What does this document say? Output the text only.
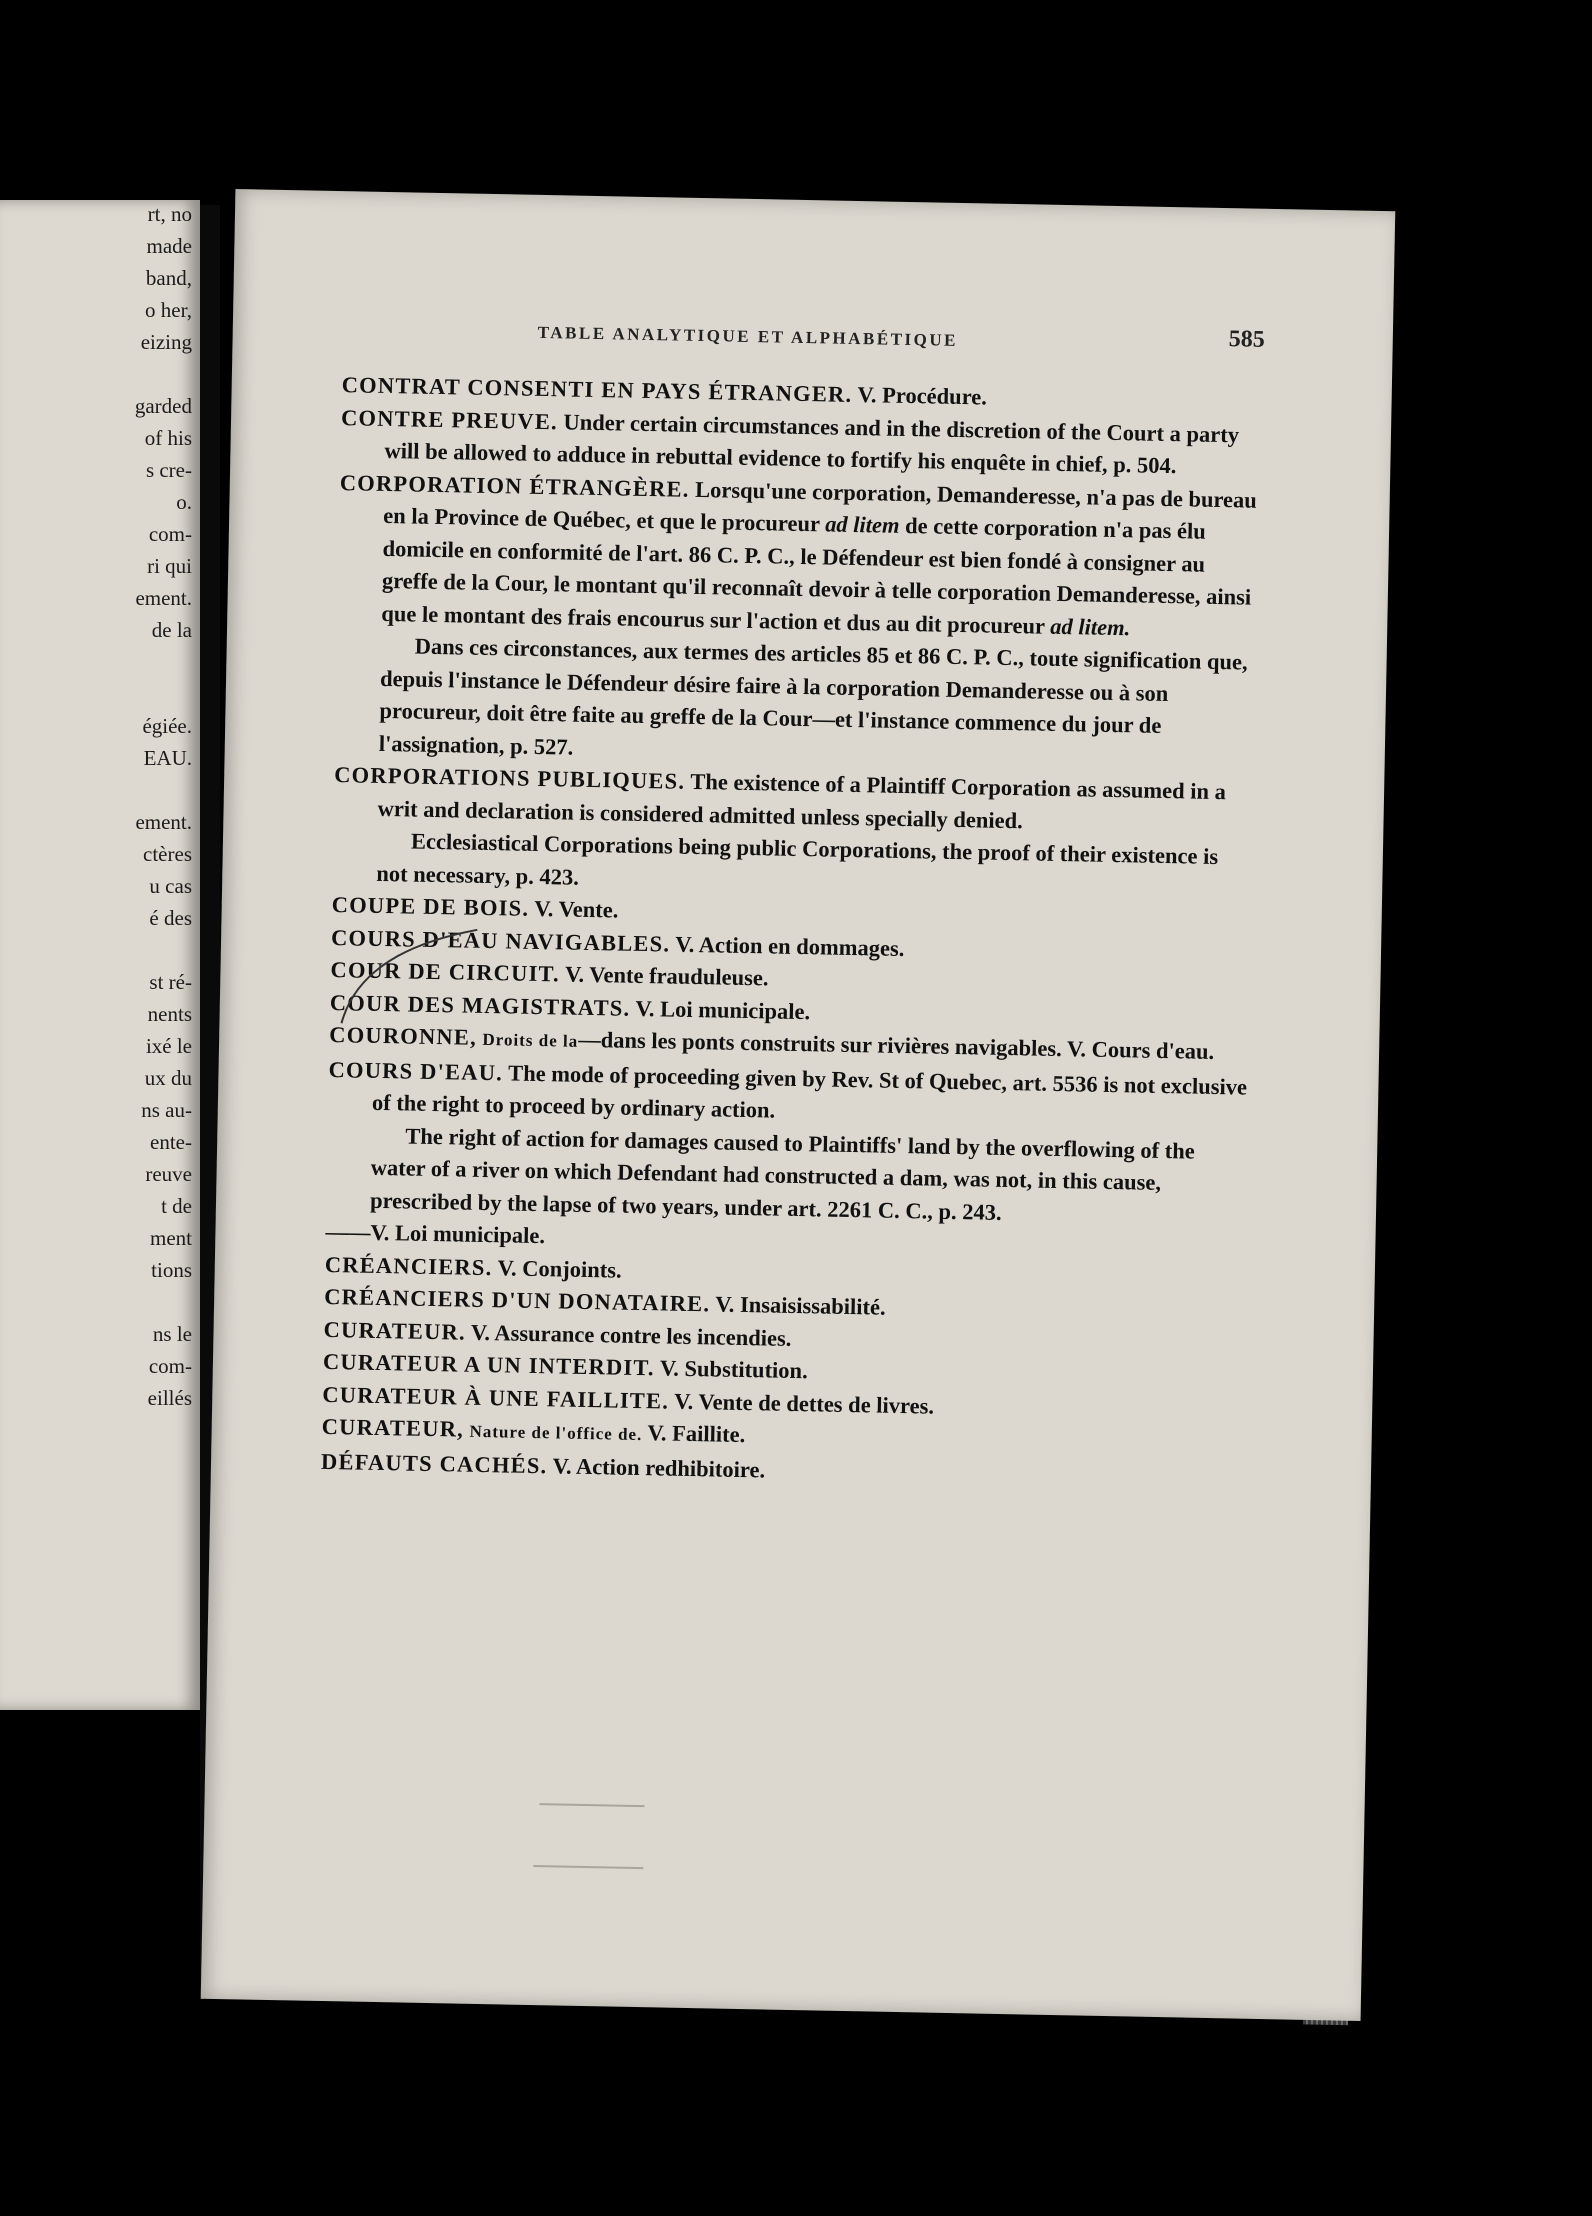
rt, no
made
band,
o her,
eizing
garded
of his
s cre-
o.
com-
ri qui
ement.
de la
égiée.
EAU.
ement.
ctères
u cas
é des
st ré-
nents
ixé le
ux du
ns au-
ente-
reuve
t de
ment
tions
ns le
com-
eillés
TABLE ANALYTIQUE ET ALPHABÉTIQUE	585

CONTRAT CONSENTI EN PAYS ÉTRANGER. V. Procédure.

CONTRE PREUVE. Under certain circumstances and in the discretion of the Court a party will be allowed to adduce in rebuttal evidence to fortify his enquête in chief, p. 504.

CORPORATION ÉTRANGÈRE. Lorsqu'une corporation, Demanderesse, n'a pas de bureau en la Province de Québec, et que le procureur ad litem de cette corporation n'a pas élu domicile en conformité de l'art. 86 C. P. C., le Défendeur est bien fondé à consigner au greffe de la Cour, le montant qu'il reconnaît devoir à telle corporation Demanderesse, ainsi que le montant des frais encourus sur l'action et dus au dit procureur ad litem.

Dans ces circonstances, aux termes des articles 85 et 86 C. P. C., toute signification que, depuis l'instance le Défendeur désire faire à la corporation Demanderesse ou à son procureur, doit être faite au greffe de la Cour—et l'instance commence du jour de l'assignation, p. 527.

CORPORATIONS PUBLIQUES. The existence of a Plaintiff Corporation as assumed in a writ and declaration is considered admitted unless specially denied.

Ecclesiastical Corporations being public Corporations, the proof of their existence is not necessary, p. 423.

COUPE DE BOIS. V. Vente.

COURS D'EAU NAVIGABLES. V. Action en dommages.

COUR DE CIRCUIT. V. Vente frauduleuse.

COUR DES MAGISTRATS. V. Loi municipale.

COURONNE, Droits de la—dans les ponts construits sur rivières navigables. V. Cours d'eau.

COURS D'EAU. The mode of proceeding given by Rev. St of Quebec, art. 5536 is not exclusive of the right to proceed by ordinary action.

The right of action for damages caused to Plaintiffs' land by the overflowing of the water of a river on which Defendant had constructed a dam, was not, in this cause, prescribed by the lapse of two years, under art. 2261 C. C., p. 243.

——V. Loi municipale.

CRÉANCIERS. V. Conjoints.

CRÉANCIERS D'UN DONATAIRE. V. Insaisissabilité.

CURATEUR. V. Assurance contre les incendies.

CURATEUR A UN INTERDIT. V. Substitution.

CURATEUR À UNE FAILLITE. V. Vente de dettes de livres.

CURATEUR, Nature de l'office de. V. Faillite.

DÉFAUTS CACHÉS. V. Action redhibitoire.
